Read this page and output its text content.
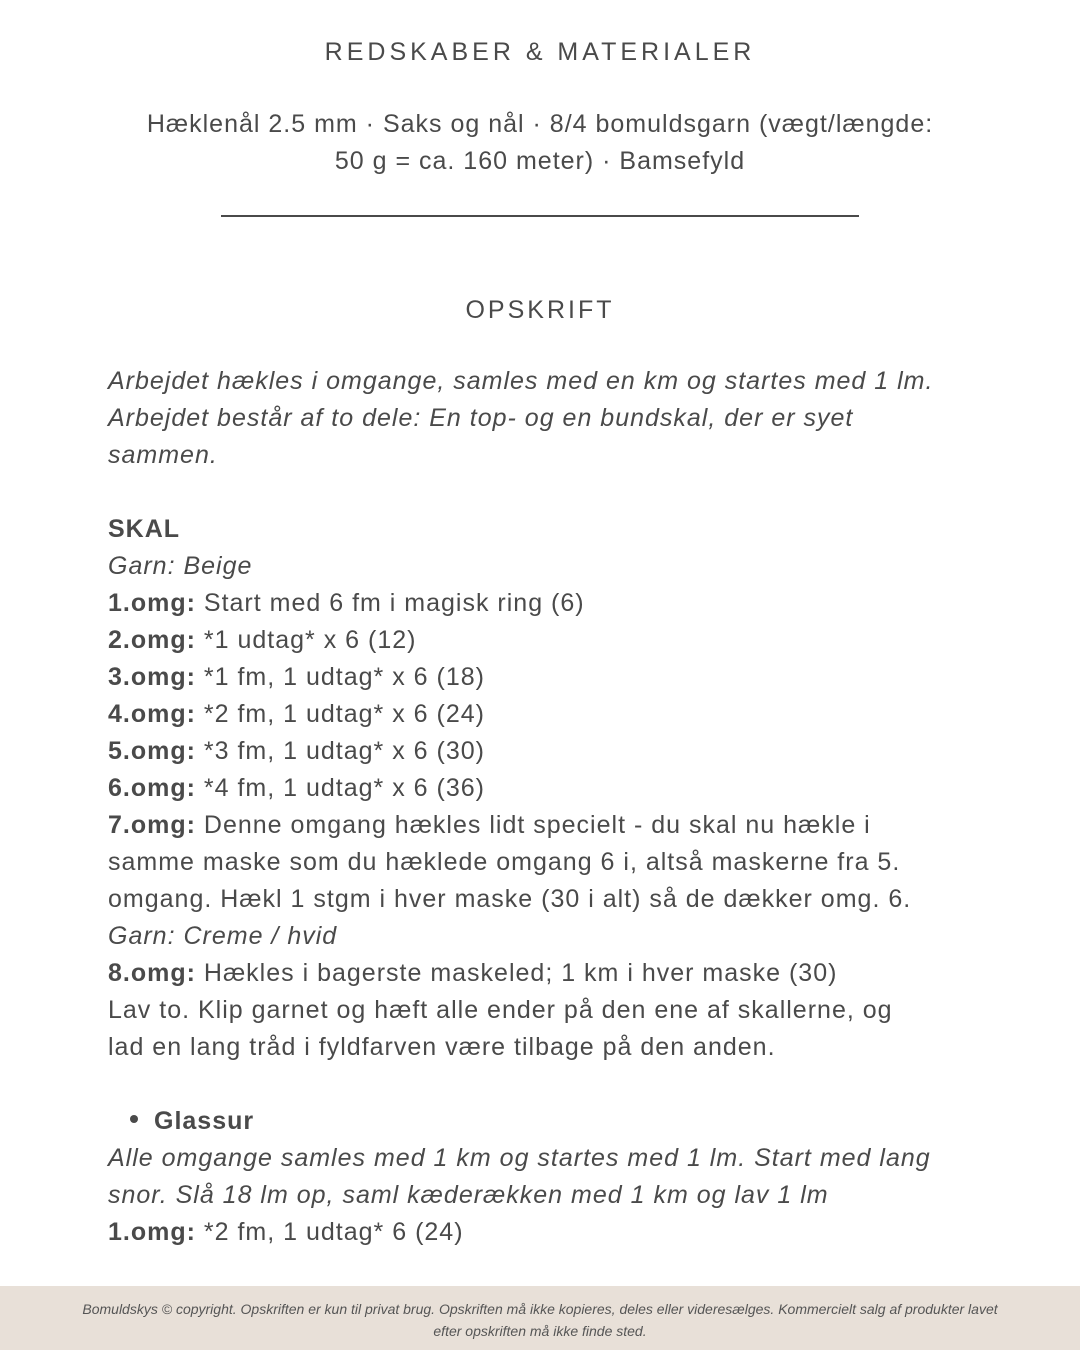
REDSKABER & MATERIALER
Hæklenål 2.5 mm · Saks og nål · 8/4 bomuldsgarn (vægt/længde:
50 g = ca. 160 meter) · Bamsefyld
OPSKRIFT
Arbejdet hækles i omgange, samles med en km og startes med 1 lm.
Arbejdet består af to dele: En top- og en bundskal, der er syet
sammen.
SKAL
Garn: Beige
1.omg: Start med 6 fm i magisk ring (6)
2.omg: *1 udtag* x 6 (12)
3.omg: *1 fm, 1 udtag* x 6 (18)
4.omg: *2 fm, 1 udtag* x 6 (24)
5.omg: *3 fm, 1 udtag* x 6 (30)
6.omg: *4 fm, 1 udtag* x 6 (36)
7.omg: Denne omgang hækles lidt specielt - du skal nu hækle i
samme maske som du hæklede omgang 6 i, altså maskerne fra 5.
omgang. Hækl 1 stgm i hver maske (30 i alt) så de dækker omg. 6.
Garn: Creme / hvid
8.omg: Hækles i bagerste maskeled; 1 km i hver maske (30)
Lav to. Klip garnet og hæft alle ender på den ene af skallerne, og
lad en lang tråd i fyldfarven være tilbage på den anden.
Glassur
Alle omgange samles med 1 km og startes med 1 lm. Start med lang
snor. Slå 18 lm op, saml kæderækken med 1 km og lav 1 lm
1.omg: *2 fm, 1 udtag* 6 (24)
Bomuldskys © copyright. Opskriften er kun til privat brug. Opskriften må ikke kopieres, deles eller videresælges. Kommercielt salg af produkter lavet
efter opskriften må ikke finde sted.
